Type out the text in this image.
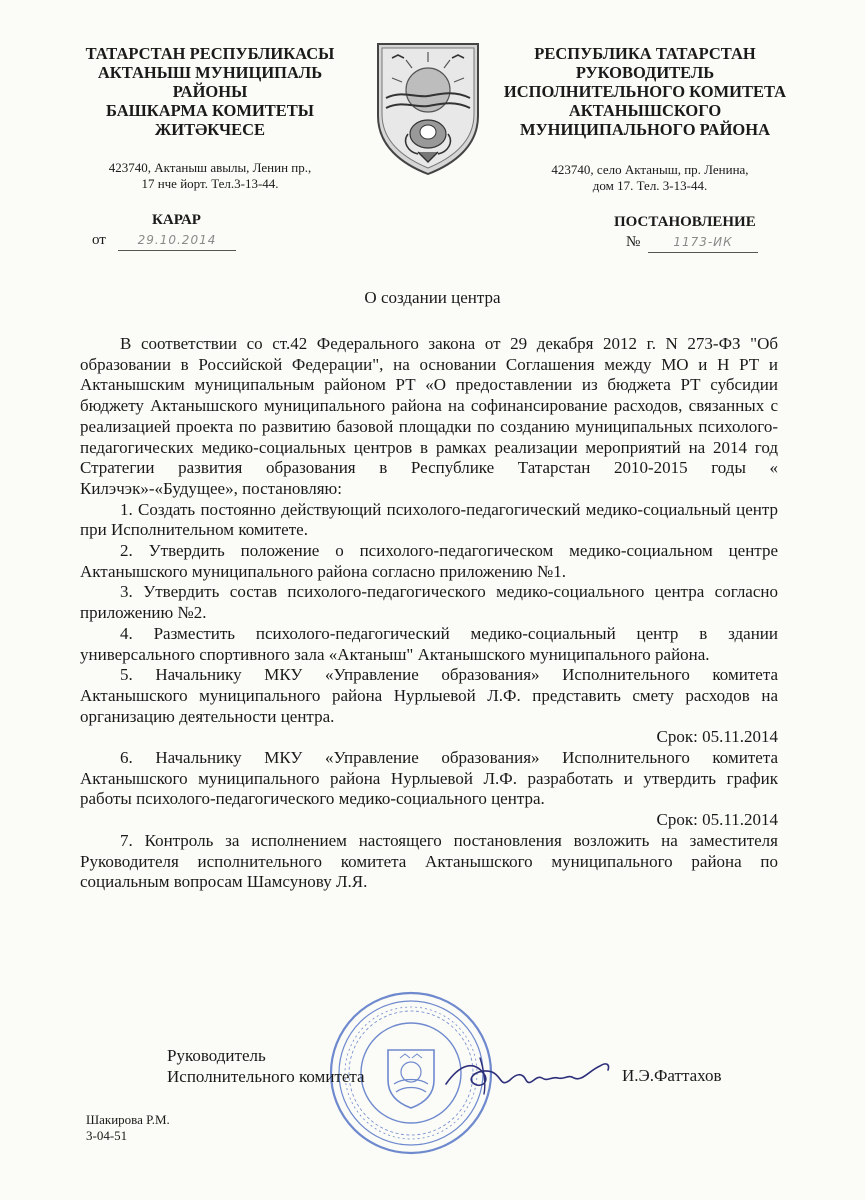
ТАТАРСТАН РЕСПУБЛИКАСЫ
АКТАНЫШ МУНИЦИПАЛЬ
РАЙОНЫ
БАШКАРМА КОМИТЕТЫ
ЖИТӘКЧЕСЕ
423740, Актаныш авылы, Ленин пр.,
17 нче йорт. Тел.3-13-44.
РЕСПУБЛИКА ТАТАРСТАН
РУКОВОДИТЕЛЬ
ИСПОЛНИТЕЛЬНОГО КОМИТЕТА
АКТАНЫШСКОГО
МУНИЦИПАЛЬНОГО РАЙОНА
423740, село Актаныш, пр. Ленина,
дом 17. Тел. 3-13-44.
КАРАР
от	29.10.2014
ПОСТАНОВЛЕНИЕ
№	1173-ИК
О создании центра

В соответствии со ст.42 Федерального закона от 29 декабря 2012 г. N 273-ФЗ "Об образовании в Российской Федерации", на основании Соглашения между МО и Н РТ и Актанышским муниципальным районом РТ «О предоставлении из бюджета РТ субсидии бюджету Актанышского муниципального района на софинансирование расходов, связанных с реализацией проекта по развитию базовой площадки по созданию муниципальных психолого-педагогических медико-социальных центров в рамках реализации мероприятий на 2014 год Стратегии развития образования в Республике Татарстан 2010-2015 годы « Килэчэк»-«Будущее», постановляю:

1. Создать постоянно действующий психолого-педагогический медико-социальный центр при Исполнительном комитете.

2. Утвердить положение о психолого-педагогическом медико-социальном центре Актанышского муниципального района согласно приложению №1.

3. Утвердить состав психолого-педагогического медико-социального центра согласно приложению №2.

4. Разместить психолого-педагогический медико-социальный центр в здании универсального спортивного зала «Актаныш" Актанышского муниципального района.

5. Начальнику МКУ «Управление образования» Исполнительного комитета Актанышского муниципального района Нурлыевой Л.Ф. представить смету расходов на организацию деятельности центра.

Срок: 05.11.2014

6. Начальнику МКУ «Управление образования» Исполнительного комитета Актанышского муниципального района Нурлыевой Л.Ф. разработать и утвердить график работы психолого-педагогического медико-социального центра.

Срок: 05.11.2014

7. Контроль за исполнением настоящего постановления возложить на заместителя Руководителя исполнительного комитета Актанышского муниципального района по социальным вопросам Шамсунову Л.Я.

Руководитель
Исполнительного комитета	И.Э.Фаттахов
Шакирова Р.М.
3-04-51
